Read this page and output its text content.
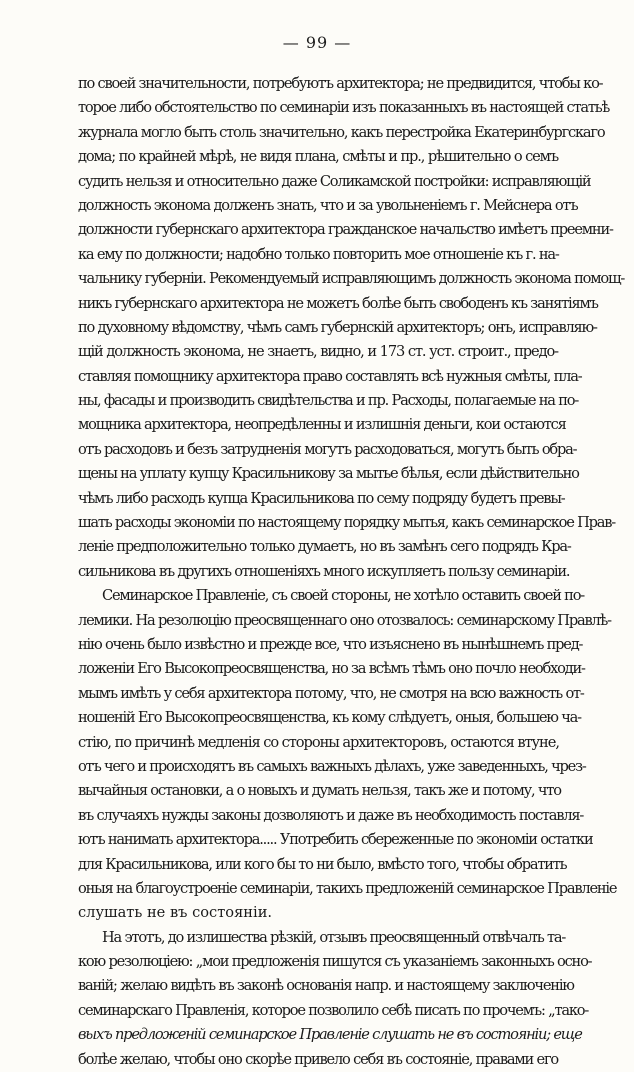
— 99 —
по своей значительности, потребуютъ архитектора; не предвидится, чтобы ко-
торое либо обстоятельство по семинарiи изъ показанныхъ въ настоящей статьѣ
журнала могло быть столь значительно, какъ перестройка Екатеринбургскаго
дома; по крайней мѣрѣ, не видя плана, смѣты и пр., рѣшительно о семъ
судить нельзя и относительно даже Соликамской постройки: исправляющiй
должность эконома долженъ знать, что и за увольненiемъ г. Мейснера отъ
должности губернскаго архитектора гражданское начальство имѣетъ преемни-
ка ему по должности; надобно только повторить мое отношенiе къ г. на-
чальнику губернiи. Рекомендуемый исправляющимъ должность эконома помощ-
никъ губернскаго архитектора не можетъ болѣе быть свободенъ къ занятiямъ
по духовному вѣдомству, чѣмъ самъ губернскiй архитекторъ; онъ, исправляю-
щiй должность эконома, не знаетъ, видно, и 173 ст. уст. строит., предо-
ставляя помощнику архитектора право составлять всѣ нужныя смѣты, пла-
ны, фасады и производить свидѣтельства и пр. Расходы, полагаемые на по-
мощника архитектора, неопредѣленны и излишнiя деньги, кои остаются
отъ расходовъ и безъ затрудненiя могутъ расходоваться, могутъ быть обра-
щены на уплату купцу Красильникову за мытье бѣлья, если дѣйствительно
чѣмъ либо расходъ купца Красильникова по сему подряду будетъ превы-
шать расходы экономiи по настоящему порядку мытья, какъ семинарское Прав-
ленiе предположительно только думаетъ, но въ замѣнъ сего подрядъ Кра-
сильникова въ другихъ отношенiяхъ много искупляетъ пользу семинарiи.
Семинарское Правленiе, съ своей стороны, не хотѣло оставить своей по-
лемики. На резолюцiю преосвященнаго оно отозвалось: семинарскому Правлѣ-
нiю очень было извѣстно и прежде все, что изъяснено въ нынѣшнемъ пред-
ложенiи Его Высокопреосвященства, но за всѣмъ тѣмъ оно почло необходи-
мымъ имѣть у себя архитектора потому, что, не смотря на всю важность от-
ношенiй Его Высокопреосвященства, къ кому слѣдуетъ, оныя, большею ча-
стiю, по причинѣ медленiя со стороны архитекторовъ, остаются втуне,
отъ чего и происходятъ въ самыхъ важныхъ дѣлахъ, уже заведенныхъ, чрез-
вычайныя остановки, а о новыхъ и думать нельзя, такъ же и потому, что
въ случаяхъ нужды законы дозволяютъ и даже въ необходимость поставля-
ютъ нанимать архитектора..... Употребить сбереженные по экономiи остатки
для Красильникова, или кого бы то ни было, вмѣсто того, чтобы обратить
оныя на благоустроенiе семинарiи, такихъ предложенiй семинарское Правленiе
слушать не въ состоянiи.
На этотъ, до излишества рѣзкiй, отзывъ преосвященный отвѣчалъ та-
кою резолюцiею: „мои предложенiя пишутся съ указанiемъ законныхъ осно-
ванiй; желаю видѣть въ законѣ основанiя напр. и настоящему заключенiю
семинарскаго Правленiя, которое позволило себѣ писать по прочемъ: „тако-
выхъ предложенiй семинарское Правленiе слушать не въ состоянiи; еще
болѣе желаю, чтобы оно скорѣе привело себя въ состоянiе, правами его
